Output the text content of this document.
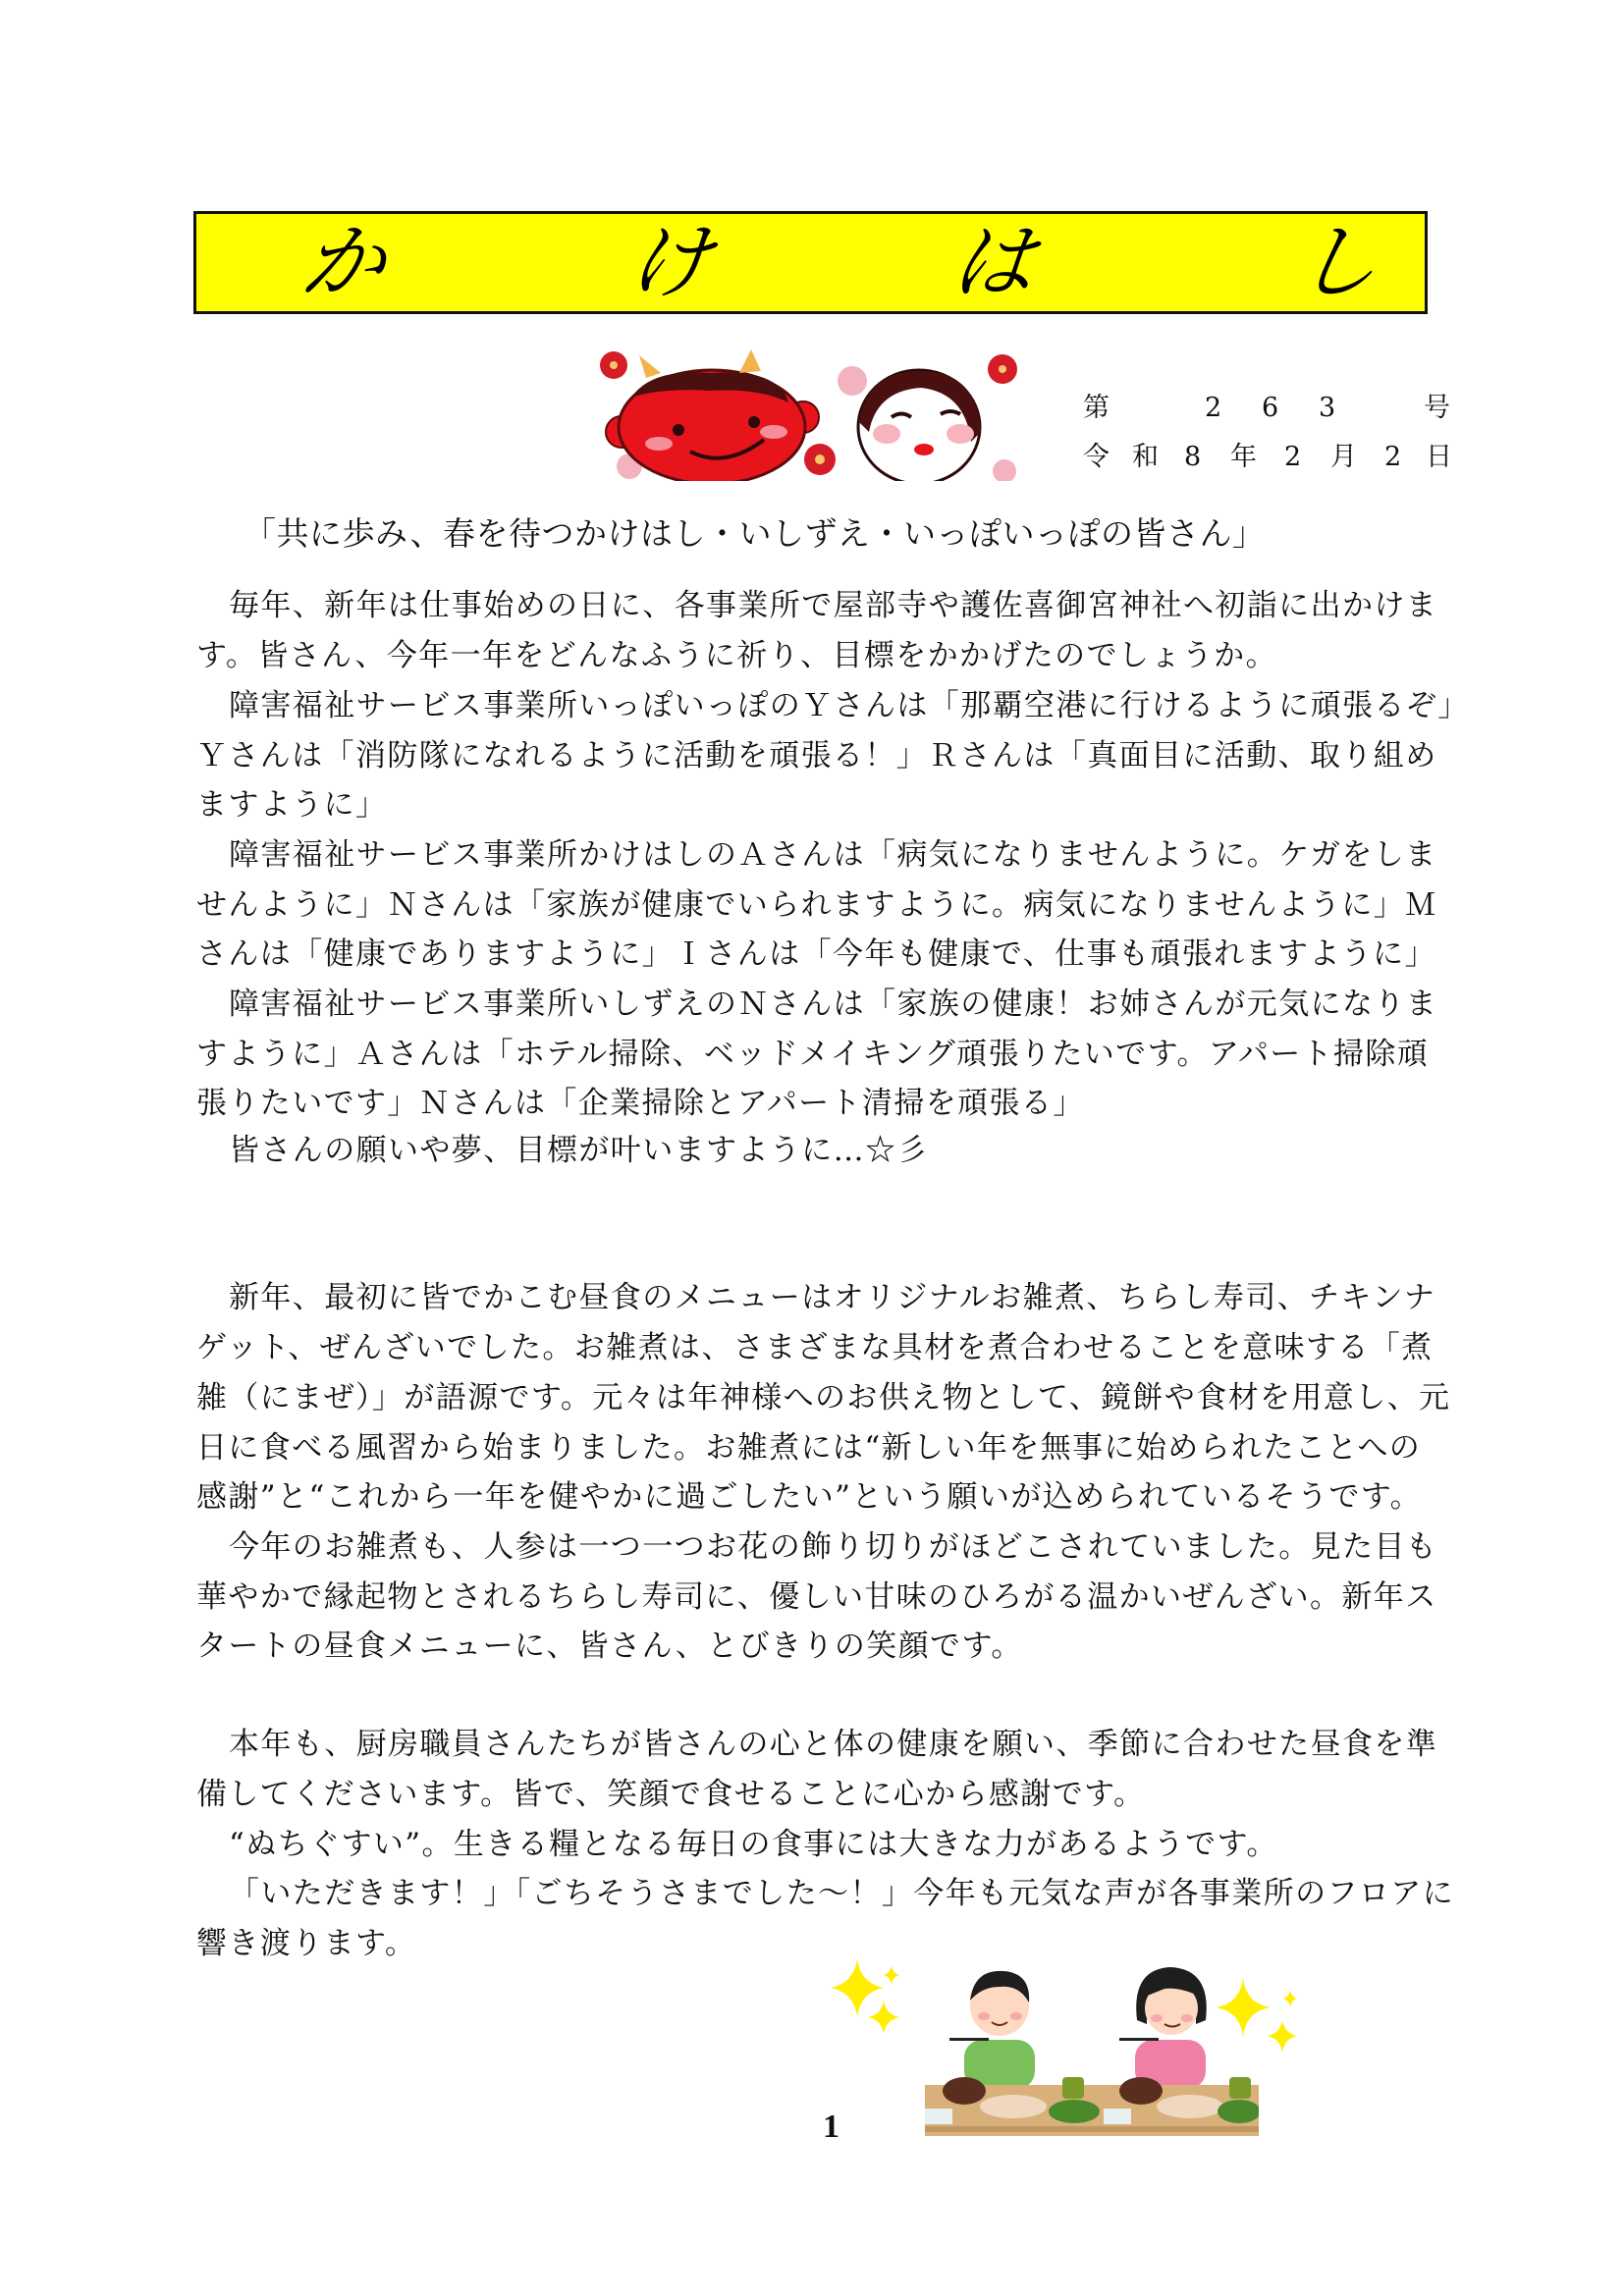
か	け	は	し
第	2 6 3	号
令 和 8 年 2 月 2 日
「共に歩み、春を待つかけはし・いしずえ・いっぽいっぽの皆さん」
毎年、新年は仕事始めの日に、各事業所で屋部寺や護佐喜御宮神社へ初詣に出かけま
す。皆さん、今年一年をどんなふうに祈り、目標をかかげたのでしょうか。
障害福祉サービス事業所いっぽいっぽのＹさんは「那覇空港に行けるように頑張るぞ」
Ｙさんは「消防隊になれるように活動を頑張る！」Ｒさんは「真面目に活動、取り組め
ますように」
障害福祉サービス事業所かけはしのＡさんは「病気になりませんように。ケガをしま
せんように」Ｎさんは「家族が健康でいられますように。病気になりませんように」Ｍ
さんは「健康でありますように」Ｉさんは「今年も健康で、仕事も頑張れますように」
障害福祉サービス事業所いしずえのＮさんは「家族の健康！お姉さんが元気になりま
すように」Ａさんは「ホテル掃除、ベッドメイキング頑張りたいです。アパート掃除頑
張りたいです」Ｎさんは「企業掃除とアパート清掃を頑張る」
皆さんの願いや夢、目標が叶いますように…☆彡
新年、最初に皆でかこむ昼食のメニューはオリジナルお雑煮、ちらし寿司、チキンナ
ゲット、ぜんざいでした。お雑煮は、さまざまな具材を煮合わせることを意味する「煮
雑（にまぜ）」が語源です。元々は年神様へのお供え物として、鏡餅や食材を用意し、元
日に食べる風習から始まりました。お雑煮には“新しい年を無事に始められたことへの
感謝”と“これから一年を健やかに過ごしたい”という願いが込められているそうです。
今年のお雑煮も、人参は一つ一つお花の飾り切りがほどこされていました。見た目も
華やかで縁起物とされるちらし寿司に、優しい甘味のひろがる温かいぜんざい。新年ス
タートの昼食メニューに、皆さん、とびきりの笑顔です。
本年も、厨房職員さんたちが皆さんの心と体の健康を願い、季節に合わせた昼食を準
備してくださいます。皆で、笑顔で食せることに心から感謝です。
“ぬちぐすい”。生きる糧となる毎日の食事には大きな力があるようです。
「いただきます！」「ごちそうさまでした～！」今年も元気な声が各事業所のフロアに
響き渡ります。
1
